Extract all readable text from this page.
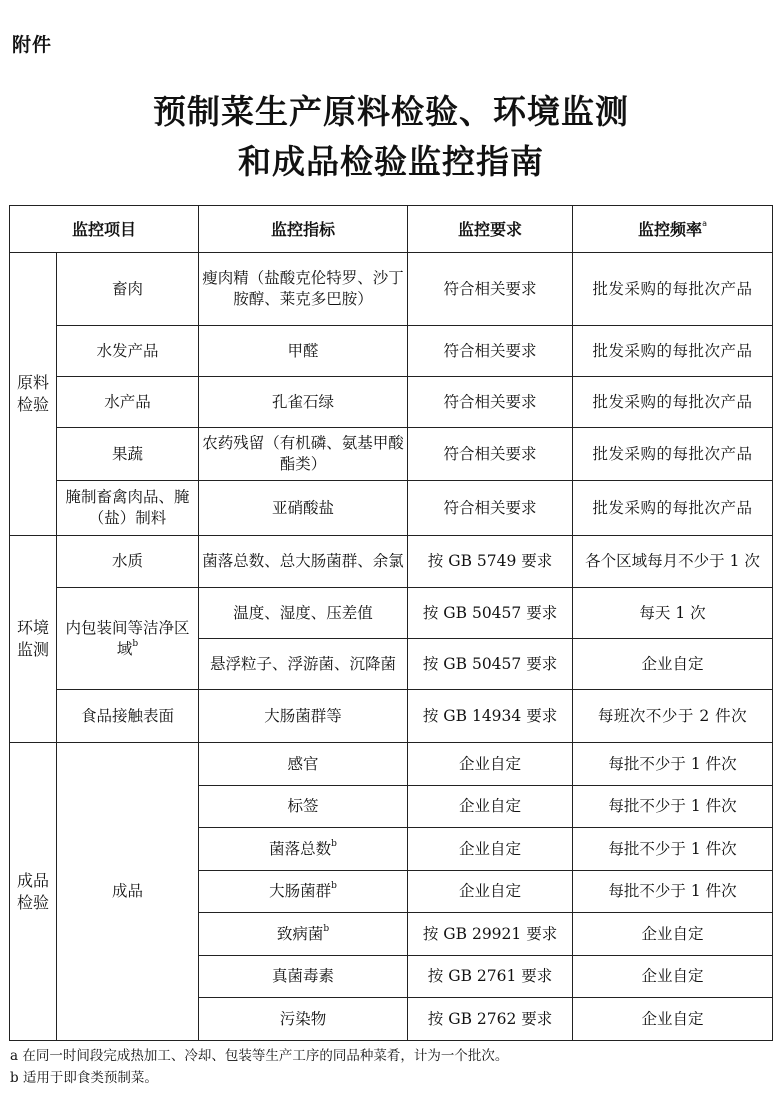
附件
预制菜生产原料检验、环境监测
和成品检验监控指南
监控项目		监控指标	监控要求	监控频率$^a$
原料检验	畜肉	瘦肉精（盐酸克伦特罗、沙丁胺醇、莱克多巴胺）	符合相关要求	批发采购的每批次产品
	水发产品	甲醛	符合相关要求	批发采购的每批次产品
	水产品	孔雀石绿	符合相关要求	批发采购的每批次产品
	果蔬	农药残留（有机磷、氨基甲酸酯类）	符合相关要求	批发采购的每批次产品
	腌制畜禽肉品、腌（盐）制料	亚硝酸盐	符合相关要求	批发采购的每批次产品
环境监测	水质	菌落总数、总大肠菌群、余氯	按 GB 5749 要求	各个区域每月不少于 1 次
	内包装间等洁净区域$^b$	温度、湿度、压差值	按 GB 50457 要求	每天 1 次
		悬浮粒子、浮游菌、沉降菌	按 GB 50457 要求	企业自定
	食品接触表面	大肠菌群等	按 GB 14934 要求	每班次不少于 2 件次
成品检验	成品	感官	企业自定	每批不少于 1 件次
		标签	企业自定	每批不少于 1 件次
		菌落总数$^b$	企业自定	每批不少于 1 件次
		大肠菌群$^b$	企业自定	每批不少于 1 件次
		致病菌$^b$	按 GB 29921 要求	企业自定
		真菌毒素	按 GB 2761 要求	企业自定
		污染物	按 GB 2762 要求	企业自定
a 在同一时间段完成热加工、冷却、包装等生产工序的同品种菜肴，计为一个批次。
b 适用于即食类预制菜。
